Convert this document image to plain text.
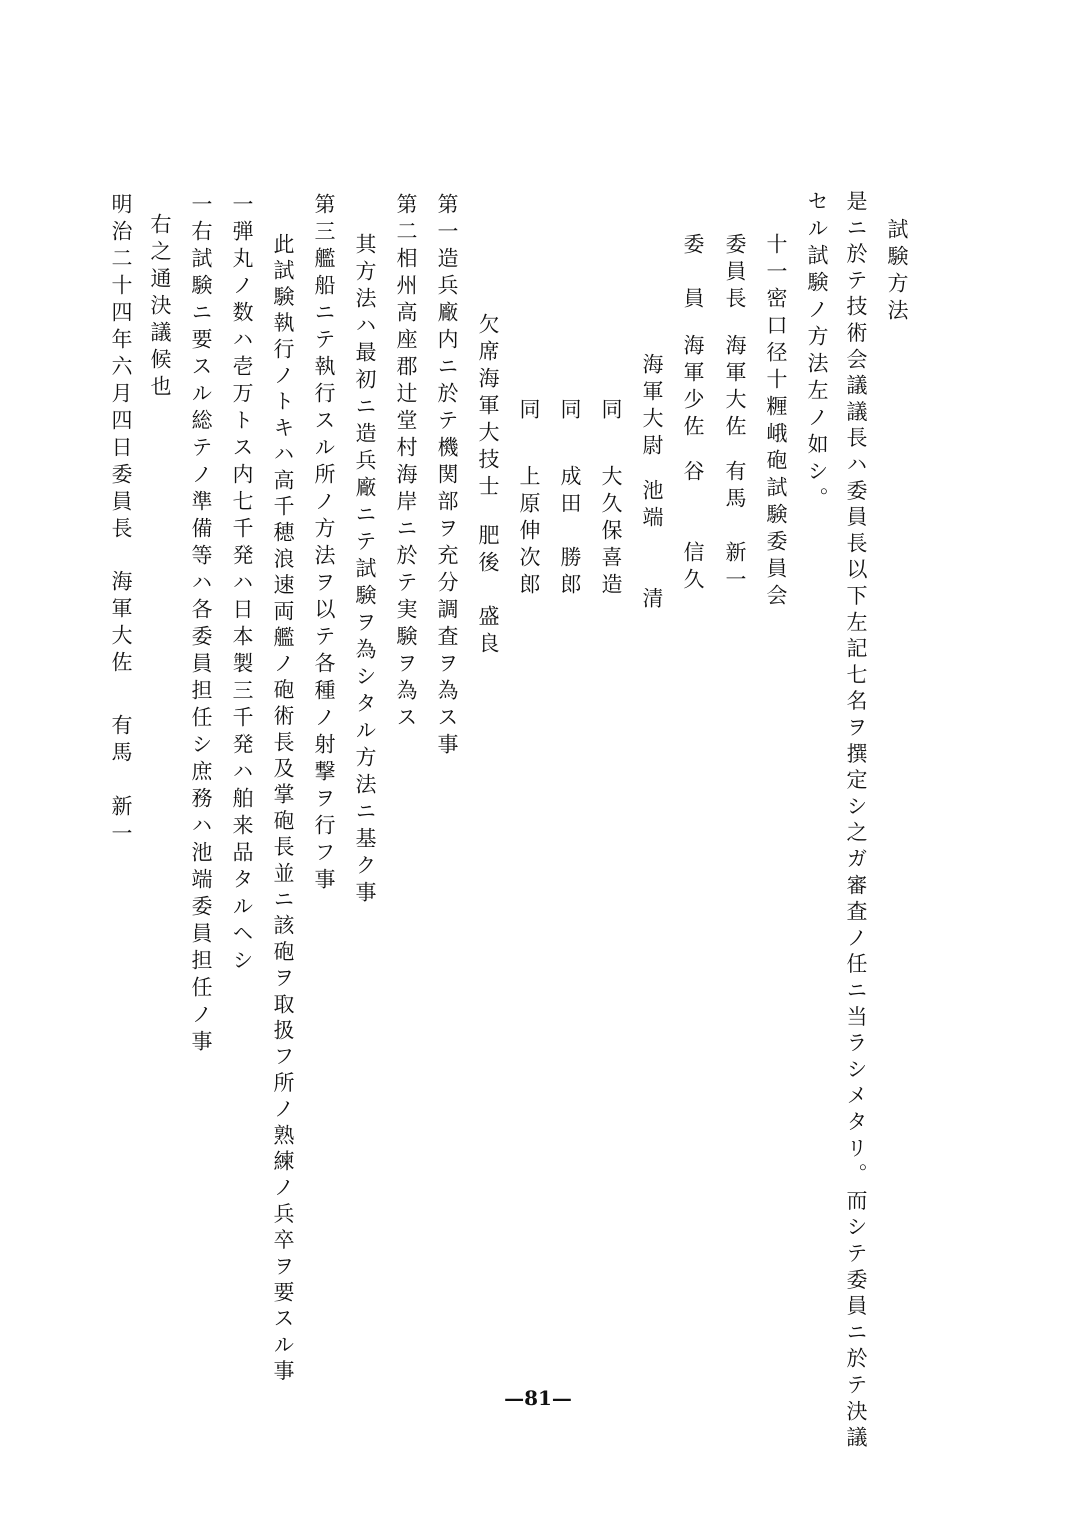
試験方法
是ニ於テ技術会議議長ハ委員長以下左記七名ヲ撰定シ之ガ審査ノ任ニ当ラシメタリ。而シテ委員ニ於テ決議
セル試験ノ方法左ノ如シ。
十一密口径十糎峨砲試験委員会
委員長海軍大佐有馬　新一
委　員海軍少佐谷　　信久
海軍大尉池端　　清
同大久保喜造
同成田　勝郎
同上原伸次郎
欠席海軍大技士肥後　盛良
第一造兵廠内ニ於テ機関部ヲ充分調査ヲ為ス事
第二相州高座郡辻堂村海岸ニ於テ実験ヲ為ス
其方法ハ最初ニ造兵廠ニテ試験ヲ為シタル方法ニ基ク事
第三艦船ニテ執行スル所ノ方法ヲ以テ各種ノ射撃ヲ行フ事
此試験執行ノトキハ高千穂浪速両艦ノ砲術長及掌砲長並ニ該砲ヲ取扱フ所ノ熟練ノ兵卒ヲ要スル事
一弾丸ノ数ハ壱万トス内七千発ハ日本製三千発ハ舶来品タルヘシ
一右試験ニ要スル総テノ準備等ハ各委員担任シ庶務ハ池端委員担任ノ事
右之通決議候也
明治二十四年六月四日委員長海軍大佐有馬　新一
—81—
